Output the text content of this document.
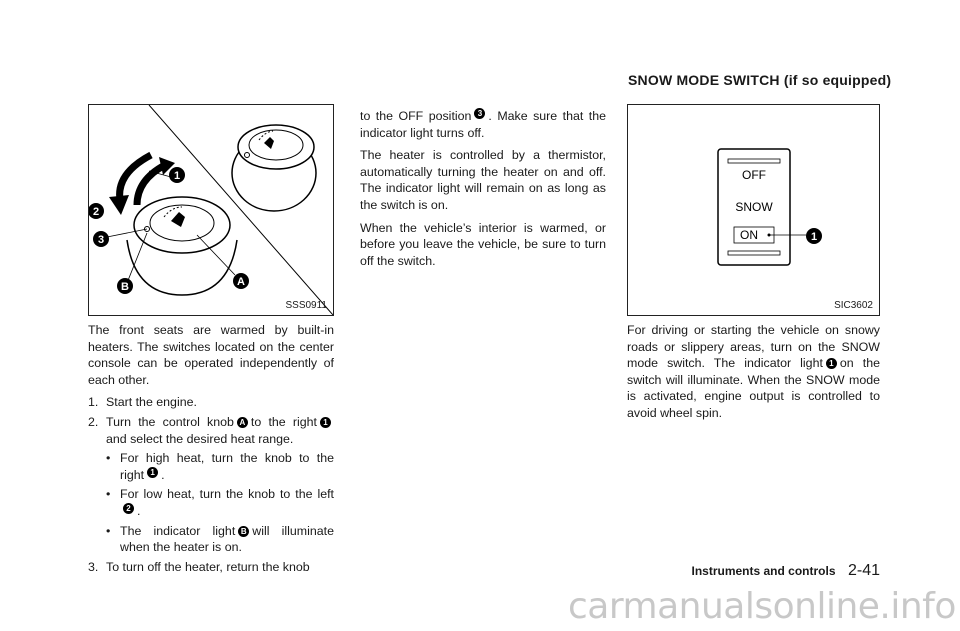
SNOW MODE SWITCH (if so equipped)
1
2
3
A
B
SSS0911

The front seats are warmed by built-in heaters. The switches located on the center console can be operated independently of each other.

1. Start the engine.
2. Turn the control knob A to the right 1 and select the desired heat range.
• For high heat, turn the knob to the right 1 .
• For low heat, turn the knob to the left2 .
• The indicator light B will illuminate when the heater is on.
3. To turn off the heater, return the knob

to the OFF position 3 . Make sure that the indicator light turns off.

The heater is controlled by a thermistor, automatically turning the heater on and off. The indicator light will remain on as long as the switch is on.

When the vehicle’s interior is warmed, or before you leave the vehicle, be sure to turn off the switch.

OFF
SNOW
ON	1
SIC3602

For driving or starting the vehicle on snowy roads or slippery areas, turn on the SNOW mode switch. The indicator light 1 on the switch will illuminate. When the SNOW mode is activated, engine output is controlled to avoid wheel spin.

Instruments and controls 2-41
carmanualsonline.info
